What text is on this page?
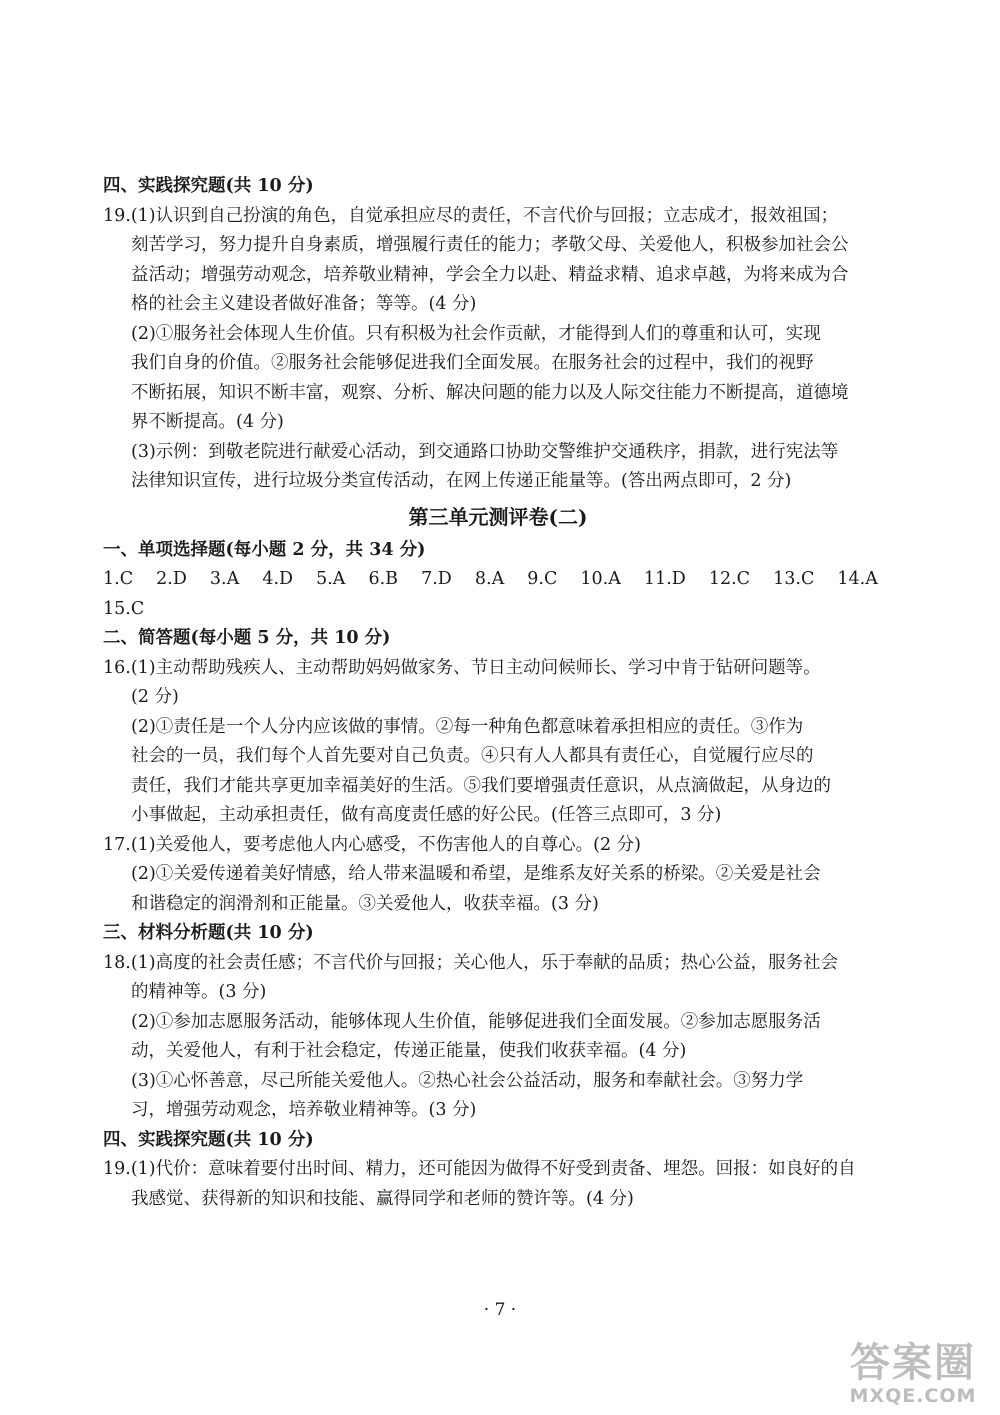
四、实践探究题(共 10 分)
19.(1)认识到自己扮演的角色，自觉承担应尽的责任，不言代价与回报；立志成才，报效祖国；
刻苦学习，努力提升自身素质，增强履行责任的能力；孝敬父母、关爱他人，积极参加社会公
益活动；增强劳动观念，培养敬业精神，学会全力以赴、精益求精、追求卓越，为将来成为合
格的社会主义建设者做好准备；等等。(4 分)
(2)①服务社会体现人生价值。只有积极为社会作贡献，才能得到人们的尊重和认可，实现
我们自身的价值。②服务社会能够促进我们全面发展。在服务社会的过程中，我们的视野
不断拓展，知识不断丰富，观察、分析、解决问题的能力以及人际交往能力不断提高，道德境
界不断提高。(4 分)
(3)示例：到敬老院进行献爱心活动，到交通路口协助交警维护交通秩序，捐款，进行宪法等
法律知识宣传，进行垃圾分类宣传活动，在网上传递正能量等。(答出两点即可，2 分)
第三单元测评卷(二)
一、单项选择题(每小题 2 分，共 34 分)
1.C 2.D 3.A 4.D 5.A 6.B 7.D 8.A 9.C 10.A 11.D 12.C 13.C 14.A
15.C
二、简答题(每小题 5 分，共 10 分)
16.(1)主动帮助残疾人、主动帮助妈妈做家务、节日主动问候师长、学习中肯于钻研问题等。
(2 分)
(2)①责任是一个人分内应该做的事情。②每一种角色都意味着承担相应的责任。③作为
社会的一员，我们每个人首先要对自己负责。④只有人人都具有责任心，自觉履行应尽的
责任，我们才能共享更加幸福美好的生活。⑤我们要增强责任意识，从点滴做起，从身边的
小事做起，主动承担责任，做有高度责任感的好公民。(任答三点即可，3 分)
17.(1)关爱他人，要考虑他人内心感受，不伤害他人的自尊心。(2 分)
(2)①关爱传递着美好情感，给人带来温暖和希望，是维系友好关系的桥梁。②关爱是社会
和谐稳定的润滑剂和正能量。③关爱他人，收获幸福。(3 分)
三、材料分析题(共 10 分)
18.(1)高度的社会责任感；不言代价与回报；关心他人，乐于奉献的品质；热心公益，服务社会
的精神等。(3 分)
(2)①参加志愿服务活动，能够体现人生价值，能够促进我们全面发展。②参加志愿服务活
动，关爱他人，有利于社会稳定，传递正能量，使我们收获幸福。(4 分)
(3)①心怀善意，尽己所能关爱他人。②热心社会公益活动，服务和奉献社会。③努力学
习，增强劳动观念，培养敬业精神等。(3 分)
四、实践探究题(共 10 分)
19.(1)代价：意味着要付出时间、精力，还可能因为做得不好受到责备、埋怨。回报：如良好的自
我感觉、获得新的知识和技能、赢得同学和老师的赞许等。(4 分)
· 7 ·
答案圈
MXQE.COM
